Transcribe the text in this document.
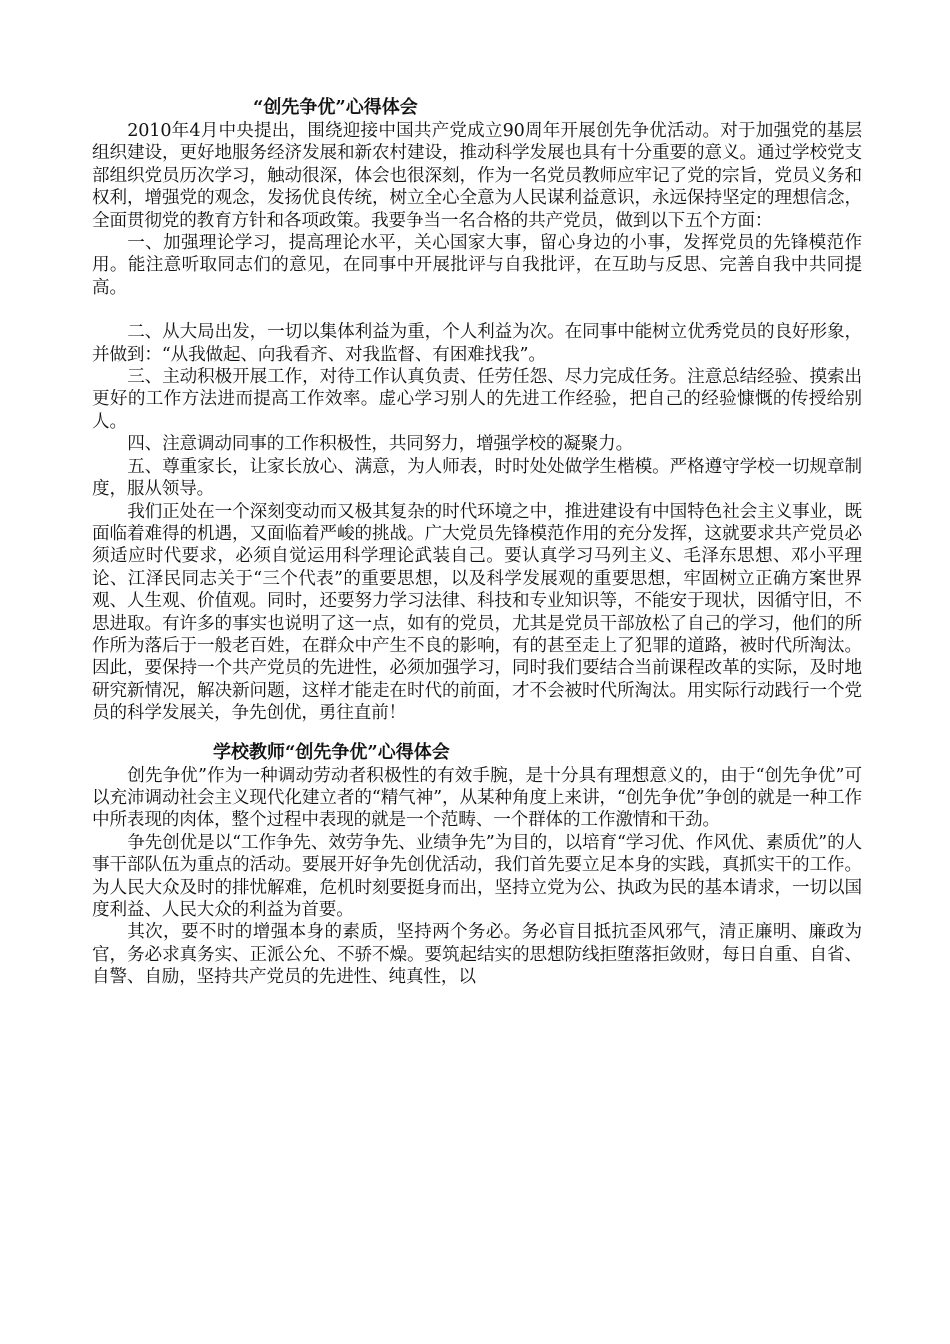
“创先争优”心得体会

2010年4月中央提出，围绕迎接中国共产党成立90周年开展创先争优活动。对于加强党的基层组织建设，更好地服务经济发展和新农村建设，推动科学发展也具有十分重要的意义。通过学校党支部组织党员历次学习，触动很深，体会也很深刻，作为一名党员教师应牢记了党的宗旨，党员义务和权利，增强党的观念，发扬优良传统，树立全心全意为人民谋利益意识，永远保持坚定的理想信念，全面贯彻党的教育方针和各项政策。我要争当一名合格的共产党员，做到以下五个方面：

一、加强理论学习，提高理论水平，关心国家大事，留心身边的小事，发挥党员的先锋模范作用。能注意听取同志们的意见，在同事中开展批评与自我批评，在互助与反思、完善自我中共同提高。

二、从大局出发，一切以集体利益为重，个人利益为次。在同事中能树立优秀党员的良好形象，并做到：“从我做起、向我看齐、对我监督、有困难找我”。

三、主动积极开展工作，对待工作认真负责、任劳任怨、尽力完成任务。注意总结经验、摸索出更好的工作方法进而提高工作效率。虚心学习别人的先进工作经验，把自己的经验慷慨的传授给别人。

四、注意调动同事的工作积极性，共同努力，增强学校的凝聚力。

五、尊重家长，让家长放心、满意，为人师表，时时处处做学生楷模。严格遵守学校一切规章制度，服从领导。

我们正处在一个深刻变动而又极其复杂的时代环境之中，推进建设有中国特色社会主义事业，既面临着难得的机遇，又面临着严峻的挑战。广大党员先锋模范作用的充分发挥，这就要求共产党员必须适应时代要求，必须自觉运用科学理论武装自己。要认真学习马列主义、毛泽东思想、邓小平理论、江泽民同志关于“三个代表”的重要思想，以及科学发展观的重要思想，牢固树立正确方案世界观、人生观、价值观。同时，还要努力学习法律、科技和专业知识等，不能安于现状，因循守旧，不思进取。有许多的事实也说明了这一点，如有的党员，尤其是党员干部放松了自己的学习，他们的所作所为落后于一般老百姓，在群众中产生不良的影响，有的甚至走上了犯罪的道路，被时代所淘汰。因此，要保持一个共产党员的先进性，必须加强学习，同时我们要结合当前课程改革的实际，及时地研究新情况，解决新问题，这样才能走在时代的前面，才不会被时代所淘汰。用实际行动践行一个党员的科学发展关，争先创优，勇往直前！

学校教师“创先争优”心得体会

创先争优”作为一种调动劳动者积极性的有效手腕，是十分具有理想意义的，由于“创先争优”可以充沛调动社会主义现代化建立者的“精气神”，从某种角度上来讲，“创先争优”争创的就是一种工作中所表现的肉体，整个过程中表现的就是一个范畴、一个群体的工作激情和干劲。

争先创优是以“工作争先、效劳争先、业绩争先”为目的，以培育“学习优、作风优、素质优”的人事干部队伍为重点的活动。要展开好争先创优活动，我们首先要立足本身的实践，真抓实干的工作。为人民大众及时的排忧解难，危机时刻要挺身而出，坚持立党为公、执政为民的基本请求，一切以国度利益、人民大众的利益为首要。

其次，要不时的增强本身的素质，坚持两个务必。务必盲目抵抗歪风邪气，清正廉明、廉政为官，务必求真务实、正派公允、不骄不燥。要筑起结实的思想防线拒堕落拒敛财，每日自重、自省、自警、自励，坚持共产党员的先进性、纯真性，以
